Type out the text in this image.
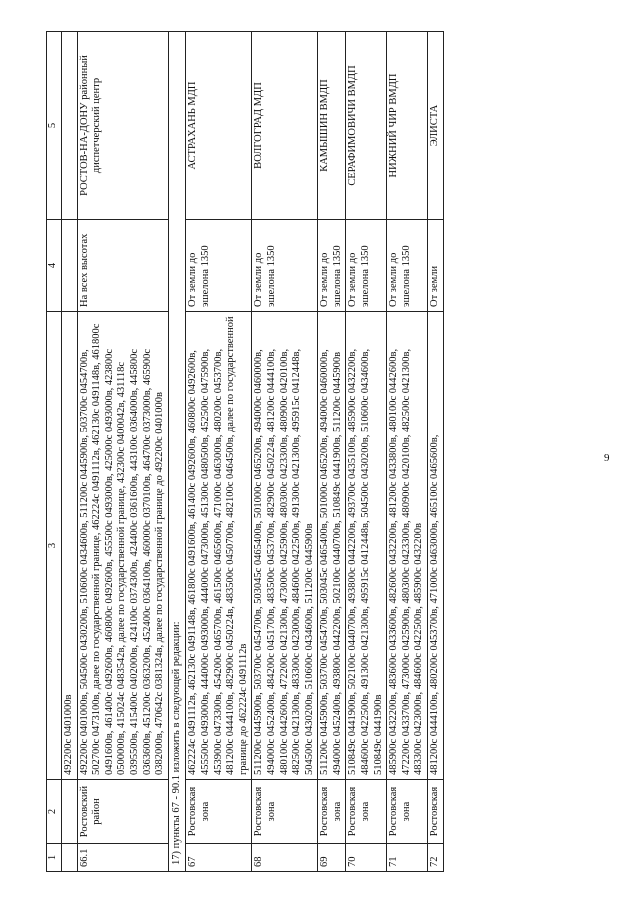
9
1	2	3	4	5
		492200с 0401000в		
66.1	Ростовский район	492200с 0401000в, 504500с 0430200в, 510600с 0434600в, 511200с 0445900в, 503700с 0454700в, 502700с 0473100в, далее по государственной границе, 462224с 0491112в, 462130с 0491148в, 461800с 0491600в, 461400с 0492600в, 460800с 0492600в, 455500с 0493000в, 425000с 0493000в, 423800с 0500000в, 415024с 0483542в, далее по государственной границе, 432300с 0400042в, 431118с 0395500в, 415400с 0402000в, 424100с 0374300в, 424400с 0361600в, 443100с 0364000в, 445800с 0363600в, 451200с 0363200в, 452400с 0364100в, 460000с 0370100в, 464700с 0373000в, 465900с 0382000в, 470642с 0381324в, далее по государственной границе до 492200с 0401000в	На всех высотах	РОСТОВ-НА-ДОНУ районный диспетчерский центр
17) пункты 67 - 90.1 изложить в следующей редакции:				
67	Ростовская зона	462224с 0491112в, 462130с 0491148в, 461800с 0491600в, 461400с 0492600в, 460800с 0492600в, 455500с 0493000в, 444000с 0493000в, 444000с 0473000в, 451300с 0480500в, 452500с 0475900в, 453900с 0473300в, 454200с 0465700в, 461500с 0465600в, 471000с 0463000в, 480200с 0453700в, 481200с 0444100в, 482900с 0450224в, 483500с 0450700в, 482100с 0464500в, далее по государственной границе до 462224с 0491112в	От земли до эшелона 1350	АСТРАХАНЬ МДП
68	Ростовская зона	511200с 0445900в, 503700с 0454700в, 503045с 0465400в, 501000с 0465200в, 494000с 0460000в, 494000с 0452400в, 484200с 0451700в, 483500с 0453700в, 482900с 0450224в, 481200с 0444100в, 480100с 0442600в, 472200с 0421300в, 473000с 0425900в, 480300с 0423300в, 480900с 0420100в, 482500с 0421300в, 483300с 0423000в, 484600с 0422500в, 491300с 0421300в, 495915с 0412448в, 504500с 0430200в, 510600с 0434600в, 511200с 0445900в	От земли до эшелона 1350	ВОЛГОГРАД МДП
69	Ростовская зона	511200с 0445900в, 503700с 0454700в, 503045с 0465400в, 501000с 0465200в, 494000с 0460000в, 494000с 0452400в, 493800с 0442200в, 502100с 0440700в, 510849с 0441900в, 511200с 0445900в	От земли до эшелона 1350	КАМЫШИН ВМДП
70	Ростовская зона	510849с 0441900в, 502100с 0440700в, 493800с 0442200в, 493700с 0435100в, 485900с 0432200в, 484600с 0422500в, 491300с 0421300в, 495915с 0412448в, 504500с 0430200в, 510600с 0434600в, 510849с 0441900в	От земли до эшелона 1350	СЕРАФИМОВИЧИ ВМДП
71	Ростовская зона	485900с 0432200в, 483600с 0433600в, 482600с 0432200в, 481200с 0433800в, 480100с 0442600в, 472200с 0433700в, 473000с 0425900в, 480300с 0423300в, 480900с 0420100в, 482500с 0421300в, 483300с 0423000в, 484600с 0422500в, 485900с 0432200в	От земли до эшелона 1350	НИЖНИЙ ЧИР ВМДП
72	Ростовская	481200с 0444100в, 480200с 0453700в, 471000с 0463000в, 465100с 0465600в,	От земли	ЭЛИСТА
